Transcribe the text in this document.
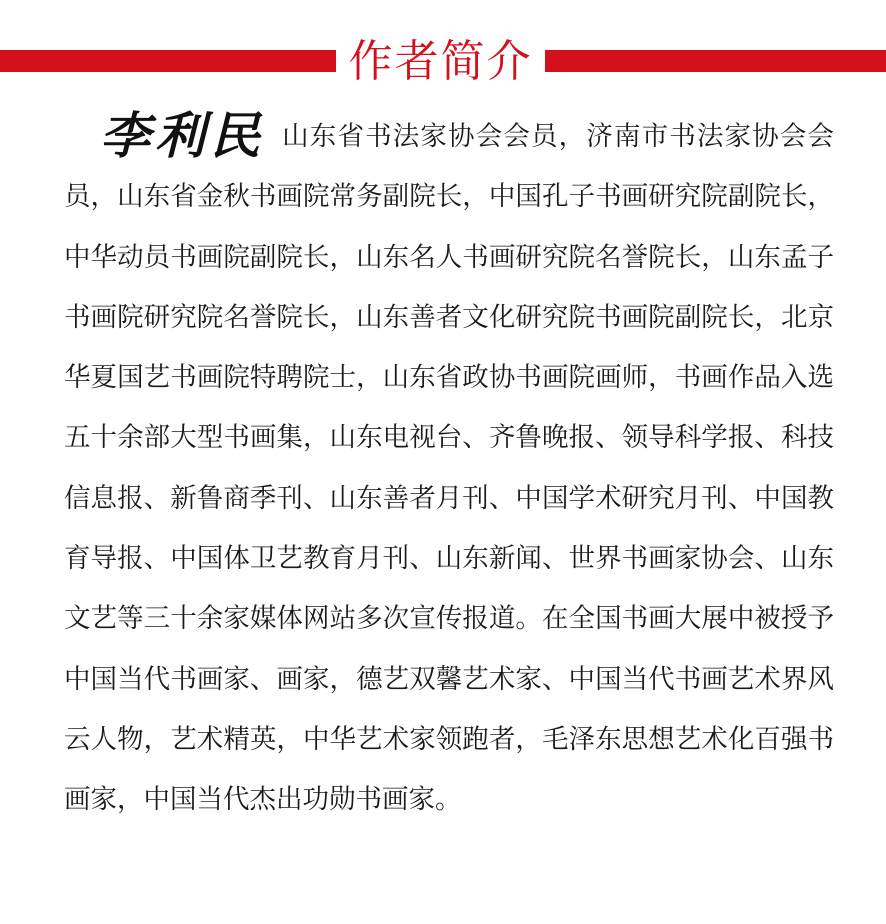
作者简介

李利民 山东省书法家协会会员，济南市书法家协会会员，山东省金秋书画院常务副院长，中国孔子书画研究院副院长，中华动员书画院副院长，山东名人书画研究院名誉院长，山东孟子书画院研究院名誉院长，山东善者文化研究院书画院副院长，北京华夏国艺书画院特聘院士，山东省政协书画院画师，书画作品入选五十余部大型书画集，山东电视台、齐鲁晚报、领导科学报、科技信息报、新鲁商季刊、山东善者月刊、中国学术研究月刊、中国教育导报、中国体卫艺教育月刊、山东新闻、世界书画家协会、山东文艺等三十余家媒体网站多次宣传报道。在全国书画大展中被授予中国当代书画家、画家，德艺双馨艺术家、中国当代书画艺术界风云人物，艺术精英，中华艺术家领跑者，毛泽东思想艺术化百强书画家，中国当代杰出功勋书画家。
